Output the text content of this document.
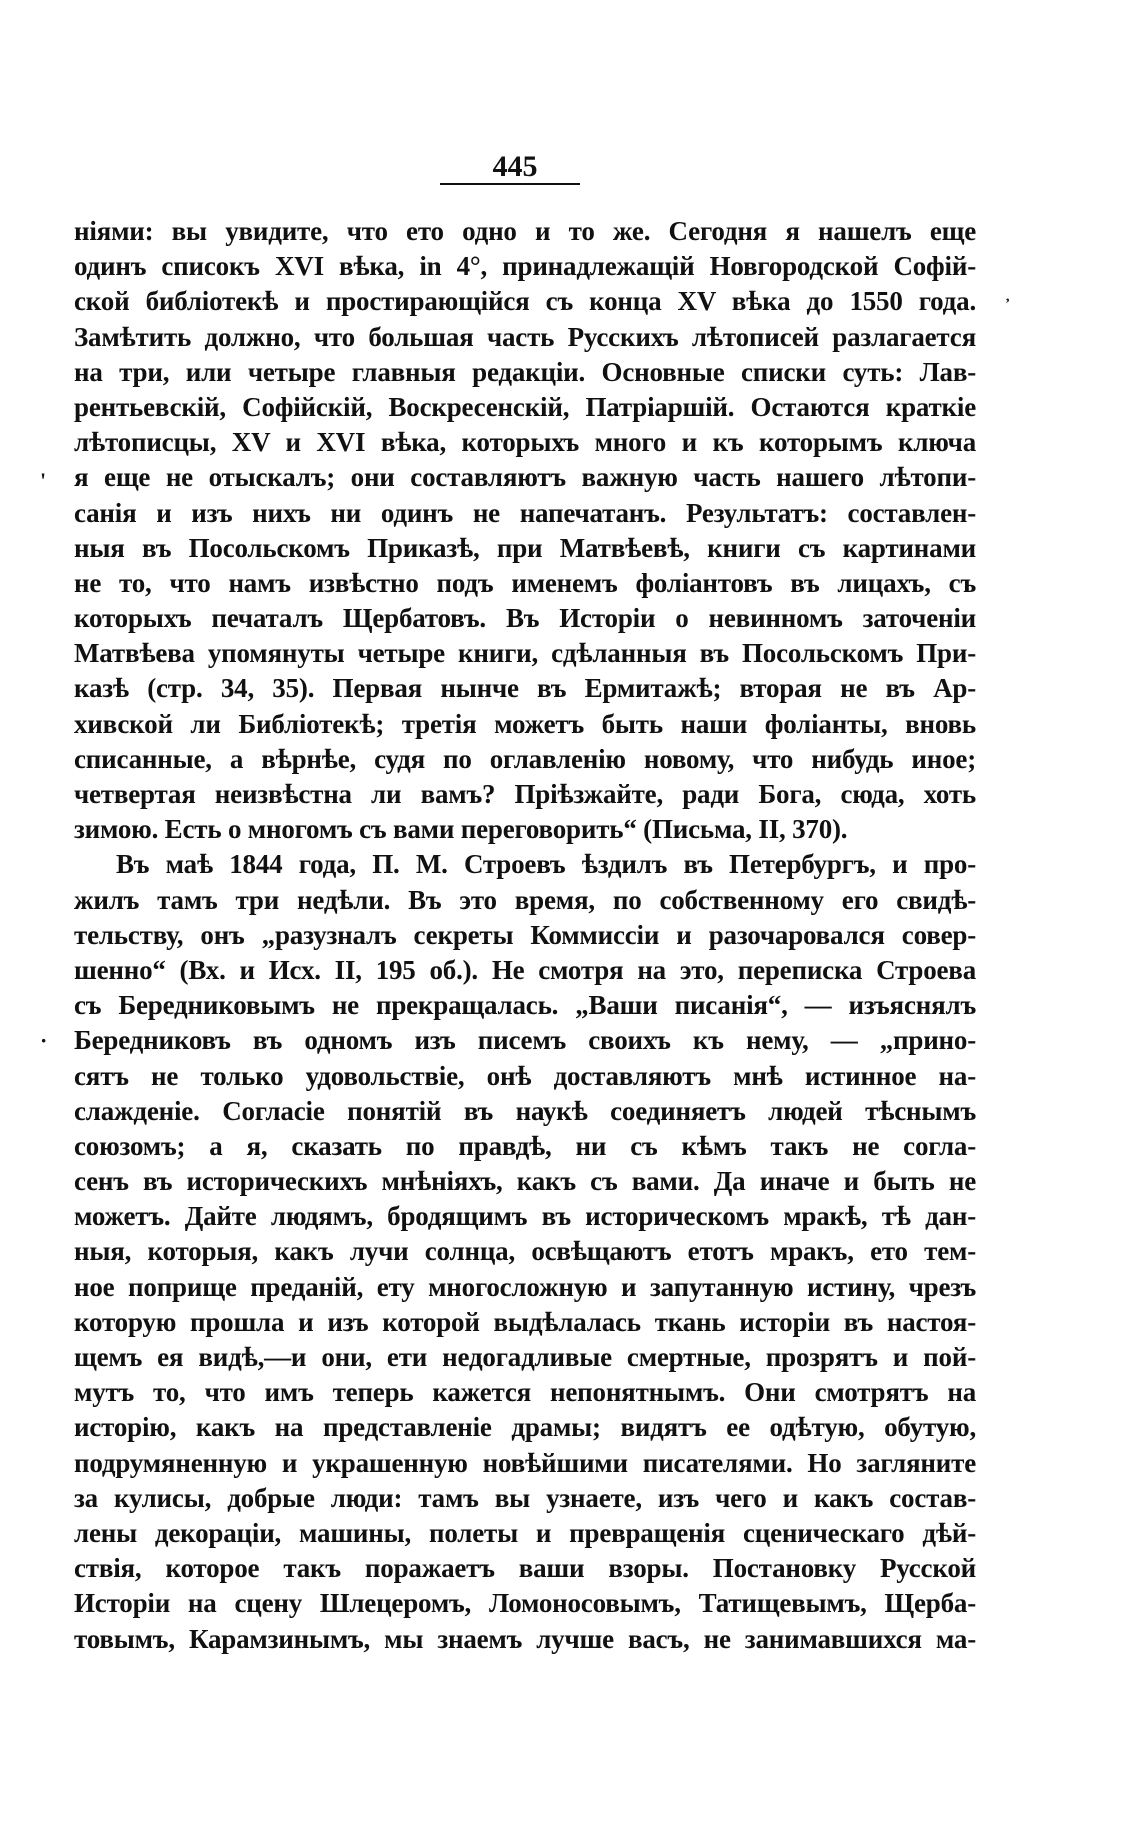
445
᾿
'
·
ніями: вы увидите, что ето одно и то же. Сегодня я нашелъ еще
одинъ списокъ XVI вѣка, in 4°, принадлежащій Новгородской Софій-
ской библіотекѣ и простирающійся съ конца XV вѣка до 1550 года.
Замѣтить должно, что большая часть Русскихъ лѣтописей разлагается
на три, или четыре главныя редакціи. Основные списки суть: Лав-
рентьевскій, Софійскій, Воскресенскій, Патріаршій. Остаются краткіе
лѣтописцы, XV и XVI вѣка, которыхъ много и къ которымъ ключа
я еще не отыскалъ; они составляютъ важную часть нашего лѣтопи-
санія и изъ нихъ ни одинъ не напечатанъ. Результатъ: составлен-
ныя въ Посольскомъ Приказѣ, при Матвѣевѣ, книги съ картинами
не то, что намъ извѣстно подъ именемъ фоліантовъ въ лицахъ, съ
которыхъ печаталъ Щербатовъ. Въ Исторіи о невинномъ заточеніи
Матвѣева упомянуты четыре книги, сдѣланныя въ Посольскомъ При-
казѣ (стр. 34, 35). Первая нынче въ Ермитажѣ; вторая не въ Ар-
хивской ли Библіотекѣ; третія можетъ быть наши фоліанты, вновь
списанные, а вѣрнѣе, судя по оглавленію новому, что нибудь иное;
четвертая неизвѣстна ли вамъ? Пріѣзжайте, ради Бога, сюда, хоть
зимою. Есть о многомъ съ вами переговорить“ (Письма, II, 370).
Въ маѣ 1844 года, П. М. Строевъ ѣздилъ въ Петербургъ, и про-
жилъ тамъ три недѣли. Въ это время, по собственному его свидѣ-
тельству, онъ „разузналъ секреты Коммиссіи и разочаровался совер-
шенно“ (Вх. и Исх. II, 195 об.). Не смотря на это, переписка Строева
съ Бередниковымъ не прекращалась. „Ваши писанія“, — изъяснялъ
Бередниковъ въ одномъ изъ писемъ своихъ къ нему, — „прино-
сятъ не только удовольствіе, онѣ доставляютъ мнѣ истинное на-
слажденіе. Согласіе понятій въ наукѣ соединяетъ людей тѣснымъ
союзомъ; а я, сказать по правдѣ, ни съ кѣмъ такъ не согла-
сенъ въ историческихъ мнѣніяхъ, какъ съ вами. Да иначе и быть не
можетъ. Дайте людямъ, бродящимъ въ историческомъ мракѣ, тѣ дан-
ныя, которыя, какъ лучи солнца, освѣщаютъ етотъ мракъ, ето тем-
ное поприще преданій, ету многосложную и запутанную истину, чрезъ
которую прошла и изъ которой выдѣлалась ткань исторіи въ настоя-
щемъ ея видѣ,—и они, ети недогадливые смертные, прозрятъ и пой-
мутъ то, что имъ теперь кажется непонятнымъ. Они смотрятъ на
исторію, какъ на представленіе драмы; видятъ ее одѣтую, обутую,
подрумяненную и украшенную новѣйшими писателями. Но загляните
за кулисы, добрые люди: тамъ вы узнаете, изъ чего и какъ состав-
лены декораціи, машины, полеты и превращенія сценическаго дѣй-
ствія, которое такъ поражаетъ ваши взоры. Постановку Русской
Исторіи на сцену Шлецеромъ, Ломоносовымъ, Татищевымъ, Щерба-
товымъ, Карамзинымъ, мы знаемъ лучше васъ, не занимавшихся ма-
